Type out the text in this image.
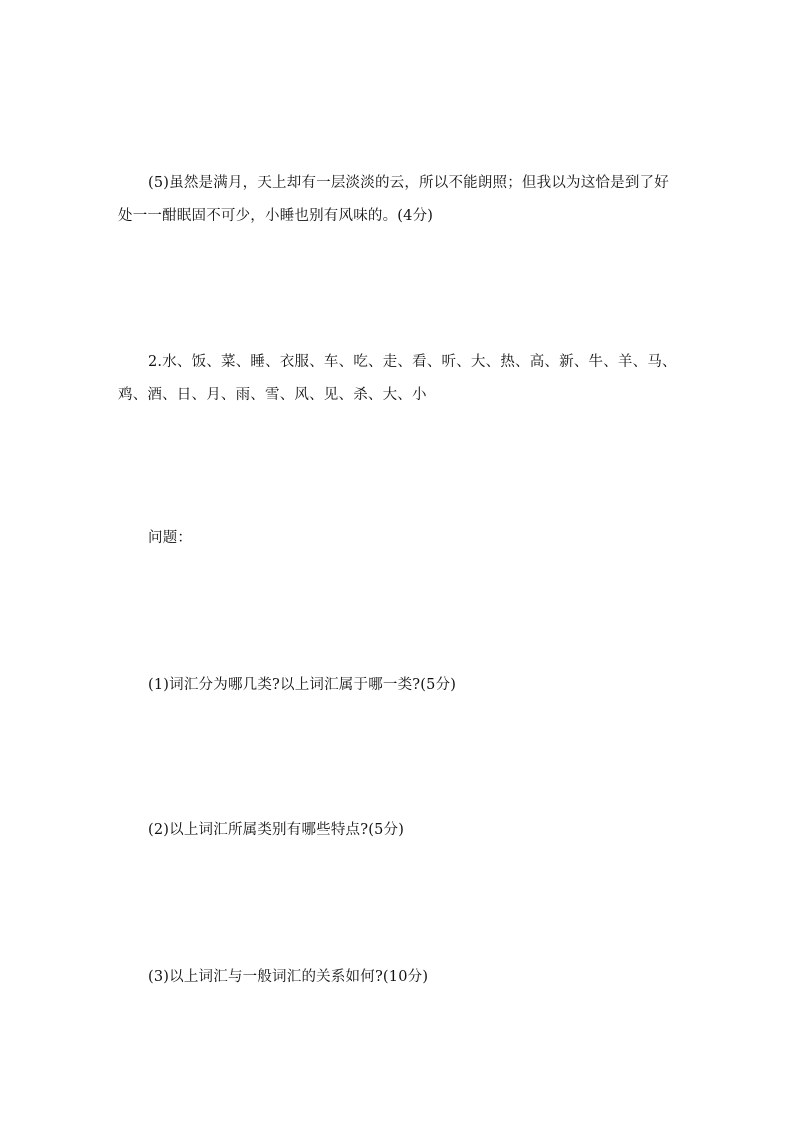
(5)虽然是满月，天上却有一层淡淡的云，所以不能朗照；但我以为这恰是到了好处一一酣眠固不可少，小睡也别有风味的。(4分)

2.水、饭、菜、睡、衣服、车、吃、走、看、听、大、热、高、新、牛、羊、马、鸡、酒、日、月、雨、雪、风、见、杀、大、小

问题：

(1)词汇分为哪几类?以上词汇属于哪一类?(5分)

(2)以上词汇所属类别有哪些特点?(5分)

(3)以上词汇与一般词汇的关系如何?(10分)
